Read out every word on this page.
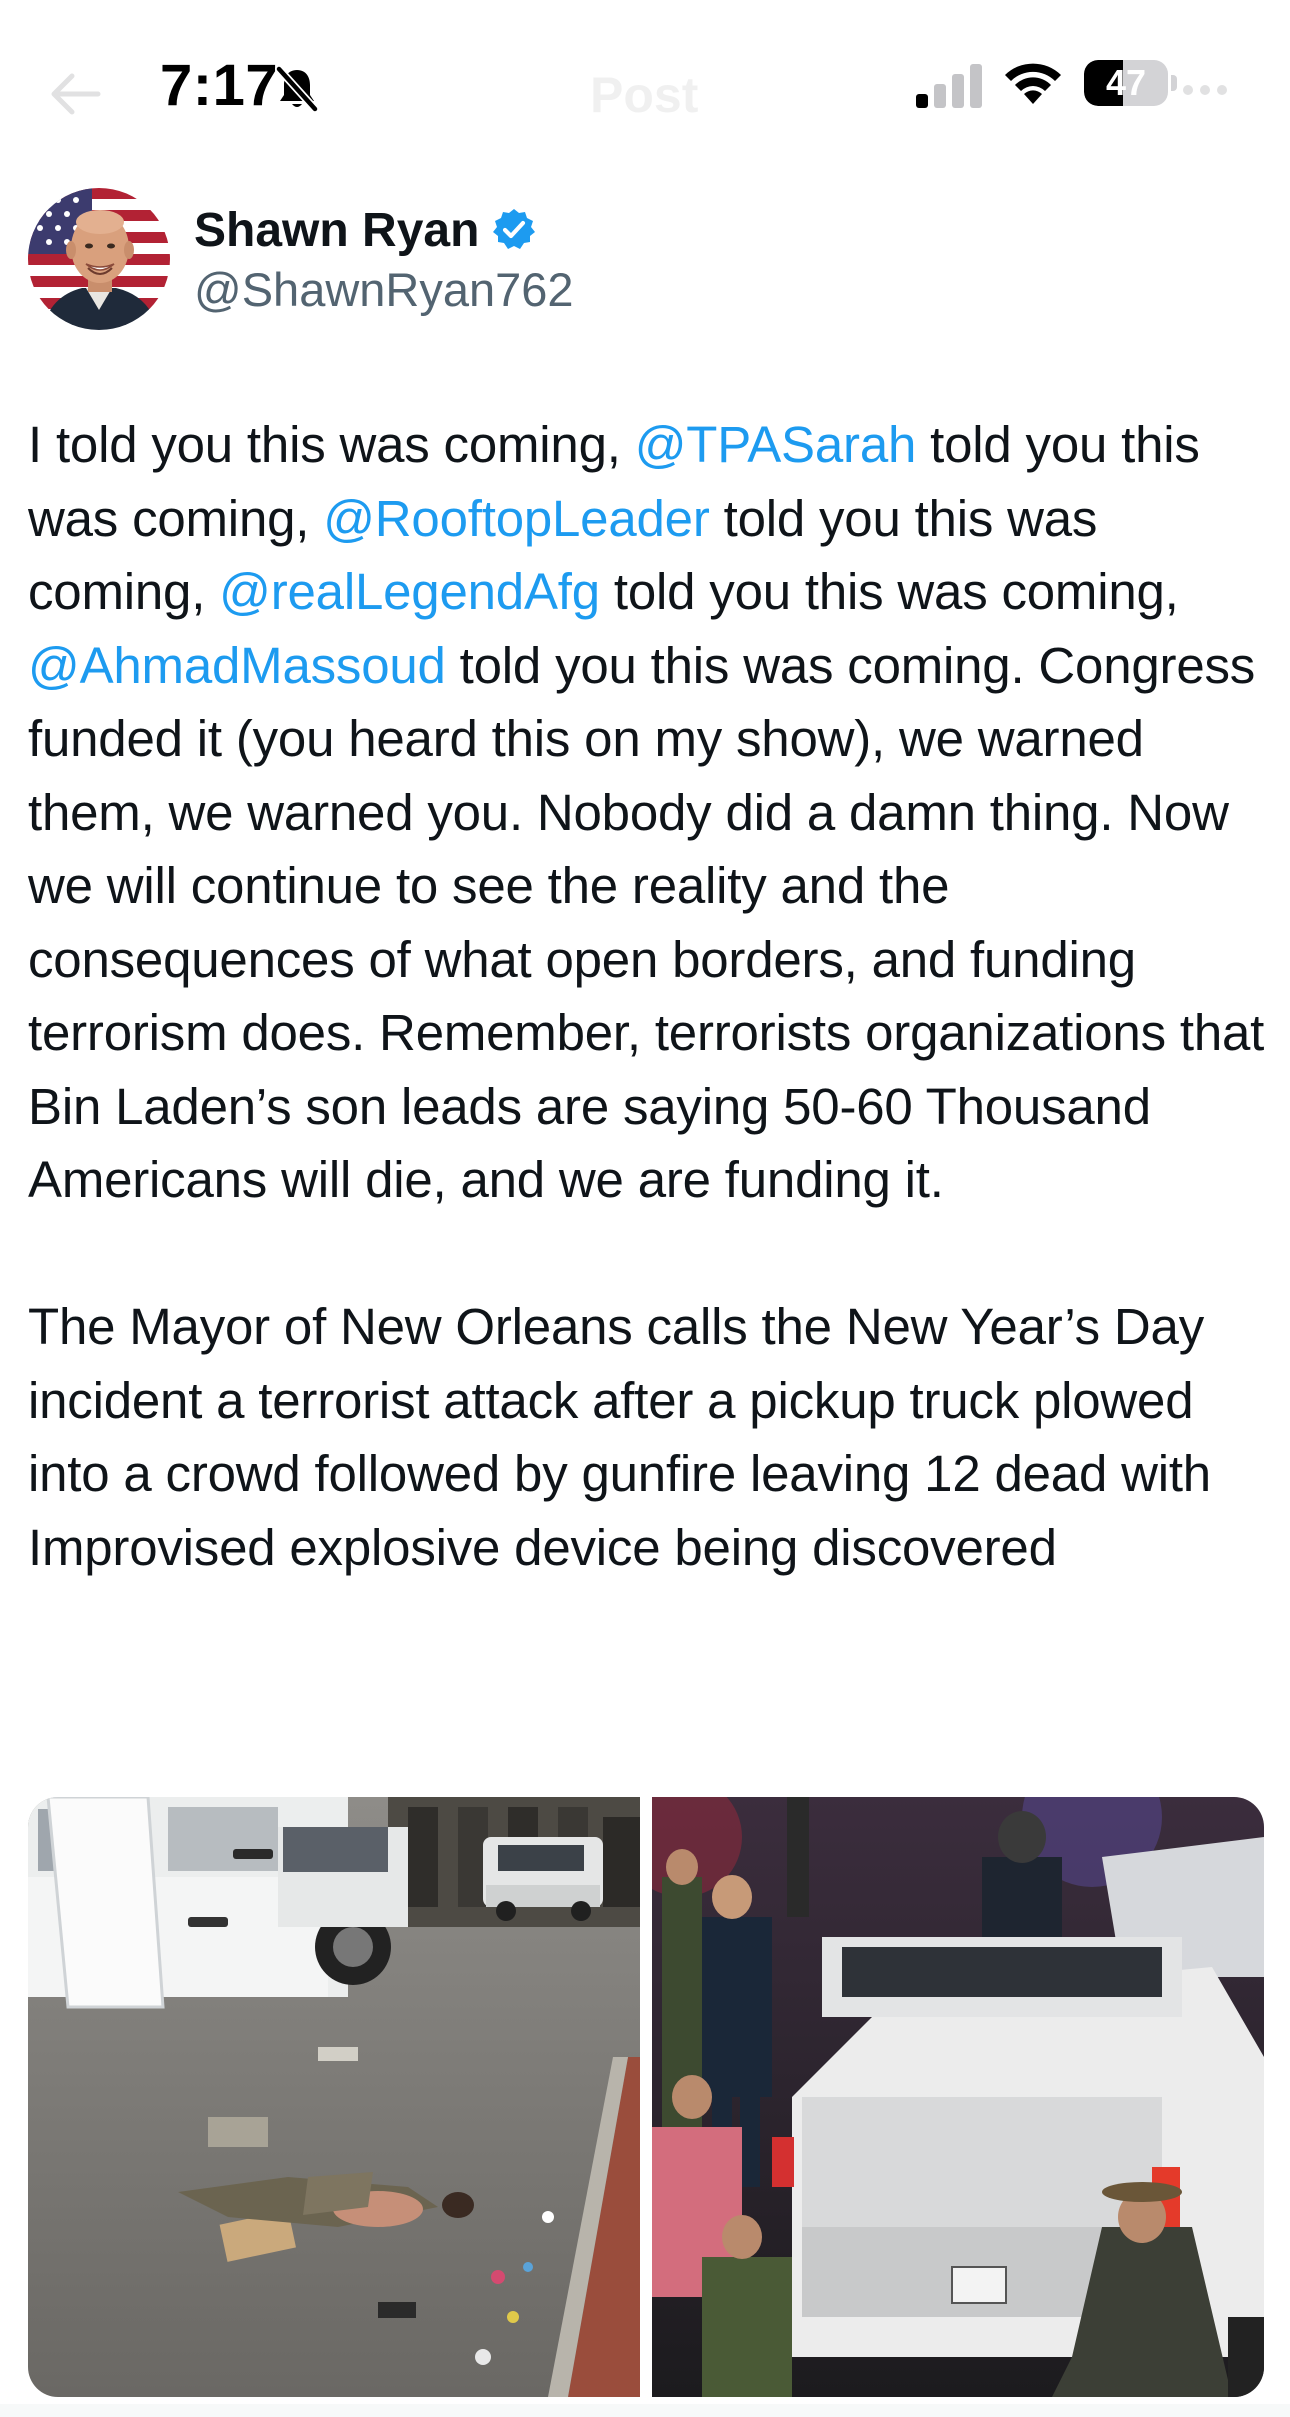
7:17	Post	47
Shawn Ryan
@ShawnRyan762

I told you this was coming, @TPASarah told you this was coming, @RooftopLeader told you this was coming, @realLegendAfg told you this was coming, @AhmadMassoud told you this was coming. Congress funded it (you heard this on my show), we warned them, we warned you. Nobody did a damn thing. Now we will continue to see the reality and the consequences of what open borders, and funding terrorism does. Remember, terrorists organizations that Bin Laden’s son leads are saying 50-60 Thousand Americans will die, and we are funding it.

The Mayor of New Orleans calls the New Year’s Day incident a terrorist attack after a pickup truck plowed into a crowd followed by gunfire leaving 12 dead with Improvised explosive device being discovered
